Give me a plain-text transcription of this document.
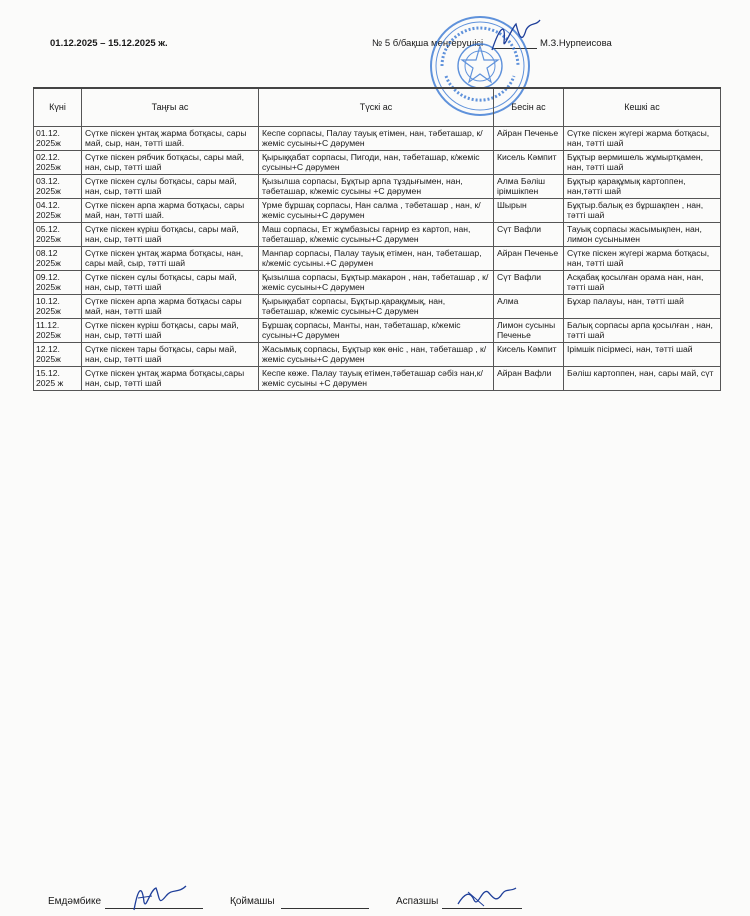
01.12.2025 – 15.12.2025 ж.	№ 5 б/бақша меңгерушісі	М.З.Нурпеисова
Күні	Таңғы ас	Түскі ас	Бесін ас	Кешкі ас
01.12. 2025ж	Сүтке піскен ұнтақ жарма ботқасы, сары май, сыр, нан, тәтті шай.	Кеспе сорпасы, Палау тауық етімен, нан, тәбеташар, к/жеміс сусыны+С дәрумен	Айран Печенье	Сүтке піскен жүгері жарма ботқасы, нан, тәтті шай
02.12. 2025ж	Сүтке піскен рябчик ботқасы, сары май, нан, сыр, тәтті шай	Қырыққабат сорпасы, Пигоди, нан, тәбеташар, к/жеміс сусыны+С дәрумен	Кисель Кәмпит	Бұқтыр вермишель жұмыртқамен, нан, тәтті шай
03.12. 2025ж	Сүтке піскен сұлы ботқасы, сары май, нан, сыр, тәтті шай	Қызылша сорпасы, Бұқтыр арпа тұздығымен, нан, тәбеташар, к/жеміс сусыны +С дәрумен	Алма Бәліш ірімшікпен	Бұқтыр қарақұмық картоппен, нан,тәтті шай
04.12. 2025ж	Сүтке піскен арпа жарма ботқасы, сары май, нан, тәтті шай.	Үрме бұршақ сорпасы, Нан салма , тәбеташар , нан, к/жеміс сусыны+С дәрумен	Шырын	Бұқтыр.балық ез бұршақпен , нан, тәтті шай
05.12. 2025ж	Сүтке піскен күріш ботқасы, сары май, нан, сыр, тәтті шай	Маш сорпасы, Ет жұмбазысы гарнир ез картоп, нан, тәбеташар, к/жеміс сусыны+С дәрумен	Сүт Вафли	Тауық сорпасы жасымықпен, нан, лимон сусынымен
08.12 2025ж	Сүтке піскен ұнтақ жарма ботқасы, нан, сары май, сыр, тәтті шай	Манпар сорпасы, Палау тауық етімен, нан, тәбеташар, к/жеміс сусыны.+С дәрумен	Айран Печенье	Сүтке піскен жүгері жарма ботқасы, нан, тәтті шай
09.12. 2025ж	Сүтке піскен сұлы ботқасы, сары май, нан, сыр, тәтті шай	Қызылша сорпасы, Бұқтыр.макарон , нан, тәбеташар , к/жеміс сусыны+С дәрумен	Сүт Вафли	Асқабақ қосылған орама нан, нан, тәтті шай
10.12. 2025ж	Сүтке піскен арпа жарма ботқасы сары май, нан, тәтті шай	Қырыққабат сорпасы, Бұқтыр.қарақұмық, нан, тәбеташар, к/жеміс сусыны+С дәрумен	Алма	Бұхар палауы, нан, тәтті шай
11.12. 2025ж	Сүтке піскен күріш ботқасы, сары май, нан, сыр, тәтті шай	Бұршақ сорпасы, Манты, нан, тәбеташар, к/жеміс сусыны+С дәрумен	Лимон сусыны Печенье	Балық сорпасы арпа қосылған , нан, тәтті шай
12.12. 2025ж	Сүтке піскен тары ботқасы, сары май, нан, сыр, тәтті шай	Жасымық сорпасы, Бұқтыр көк өніс , нан, тәбеташар , к/жеміс сусыны+С дәрумен	Кисель Кәмпит	Ірімшік пісірмесі, нан, тәтті шай
15.12. 2025 ж	Сүтке піскен ұнтақ жарма ботқасы,сары нан, сыр, тәтті шай	Кеспе көже. Палау тауық етімен,тәбеташар сәбіз нан,к/жеміс сусыны +С дәрумен	Айран Вафли	Бәліш картоппен, нан, сары май, сүт
Емдәмбике	Қоймашы	Аспазшы
